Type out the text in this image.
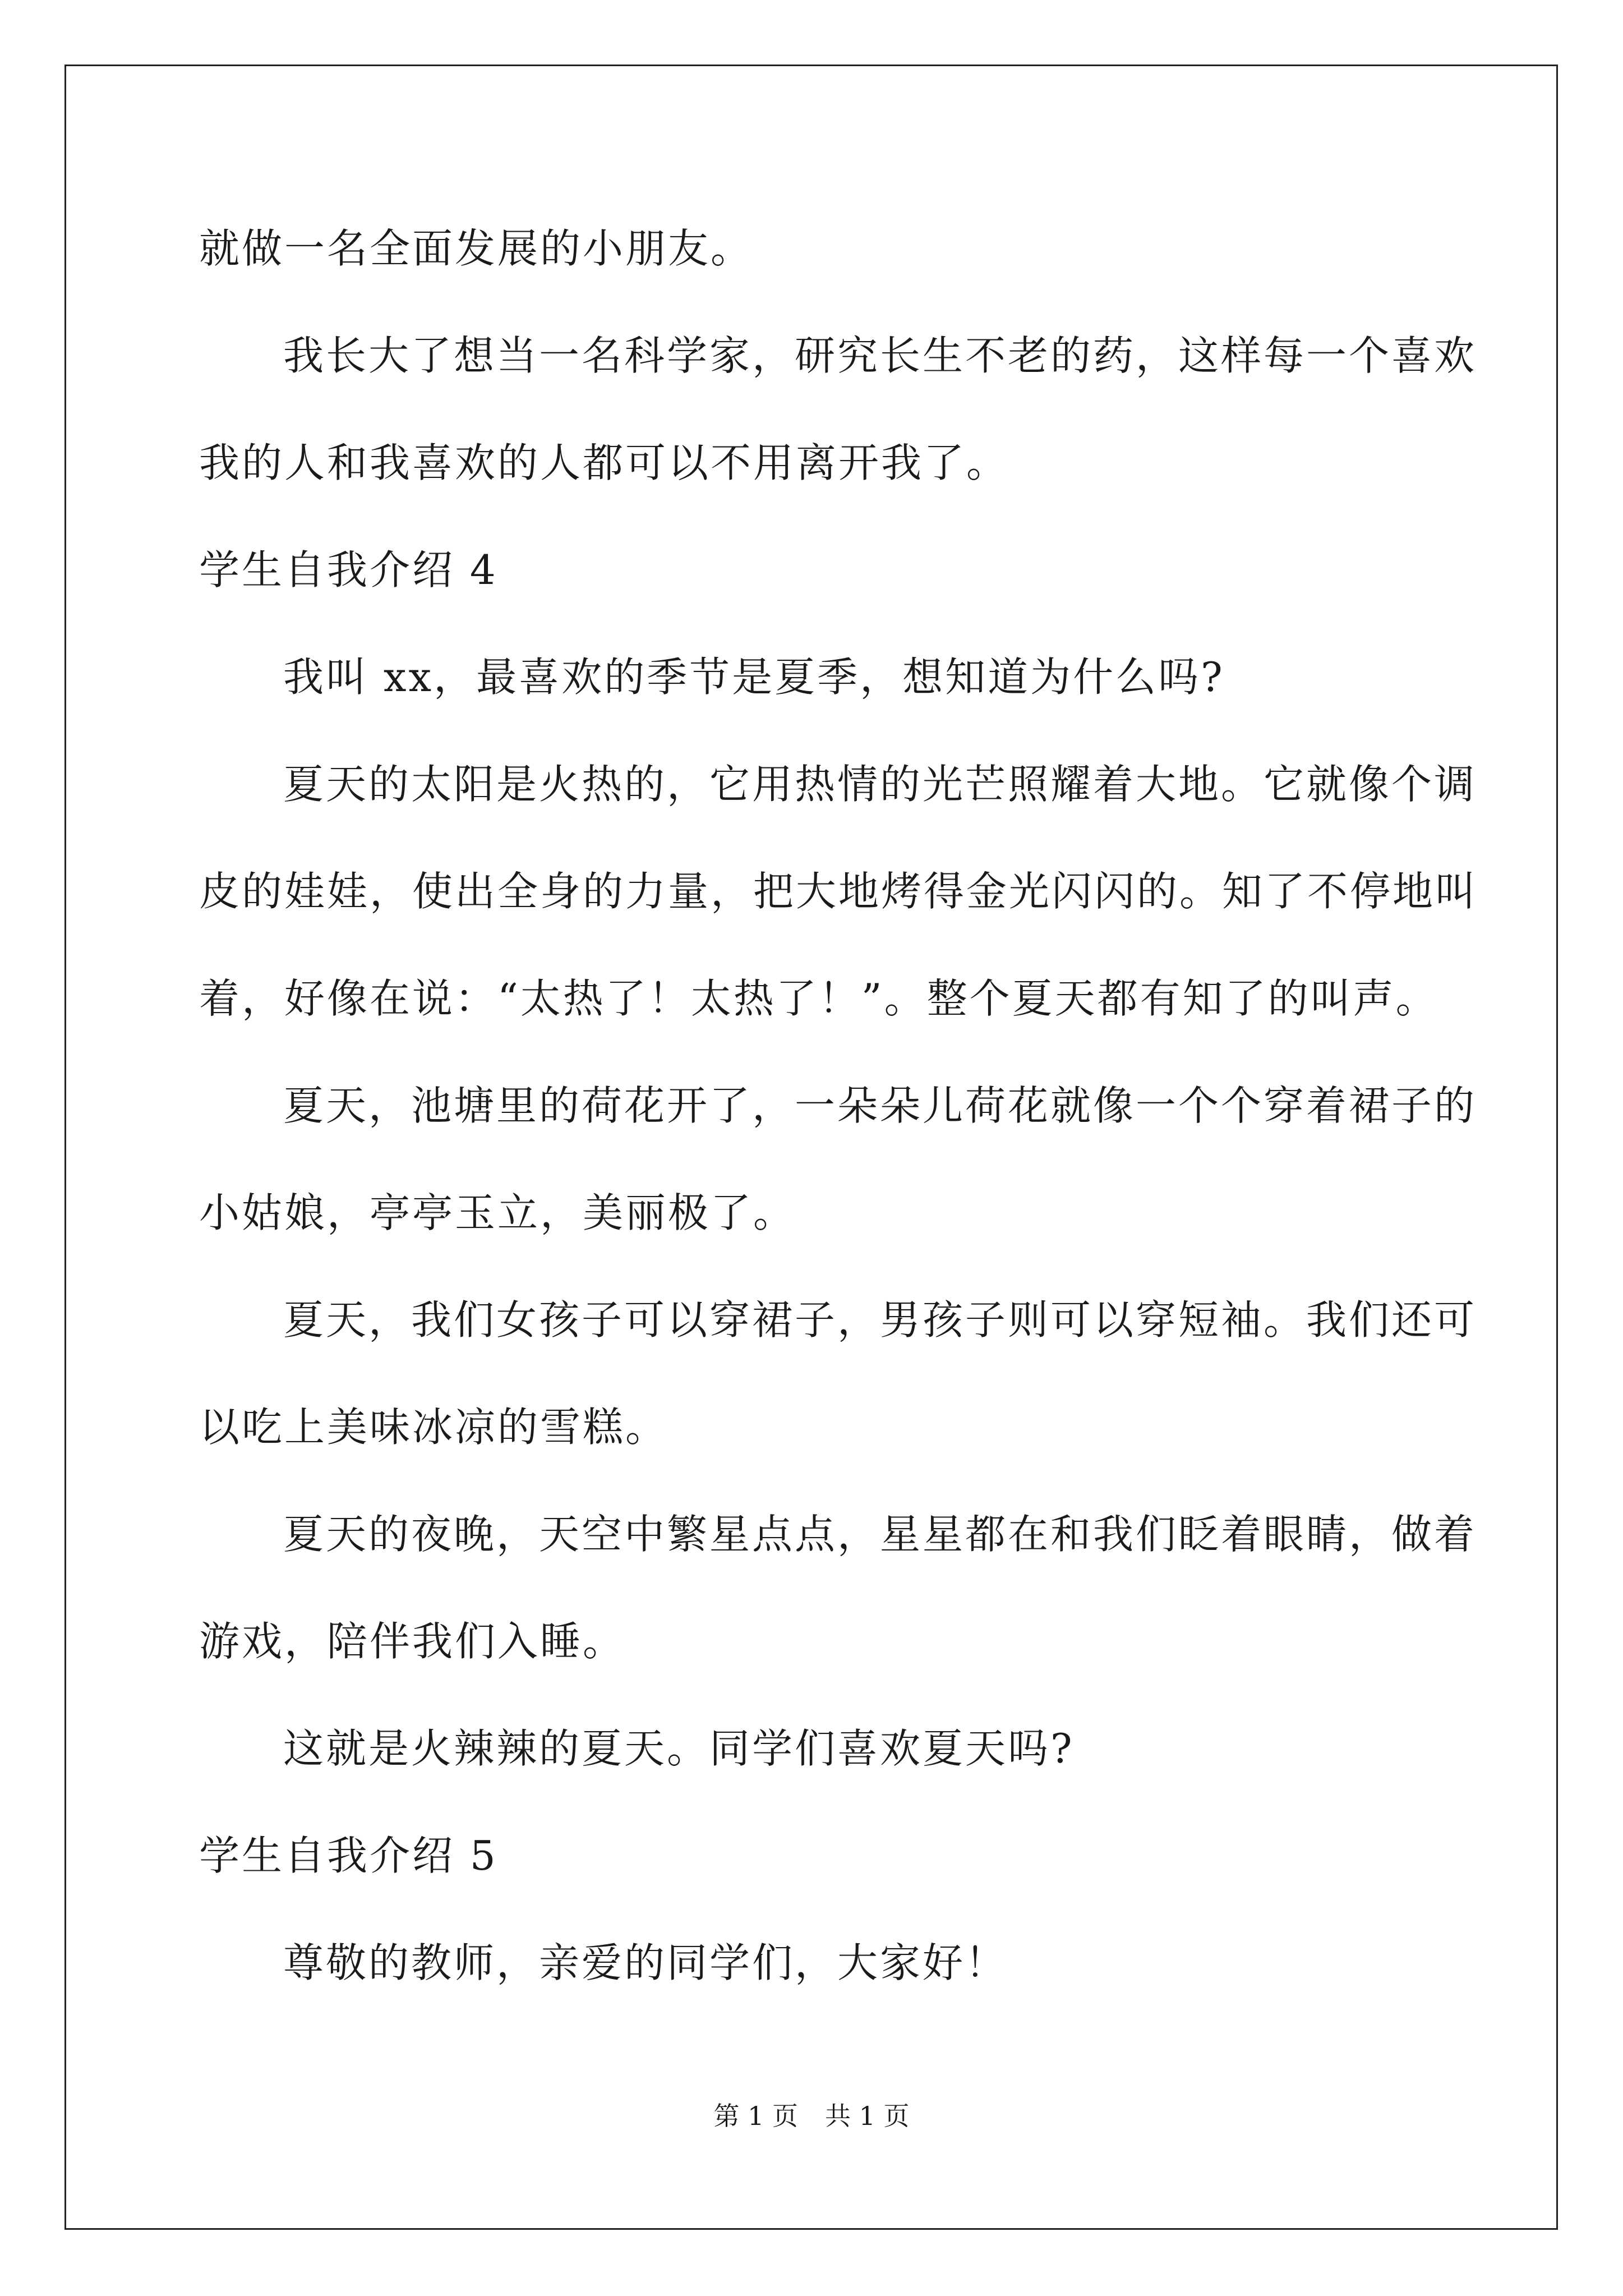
就做一名全面发展的小朋友。
我长大了想当一名科学家，研究长生不老的药，这样每一个喜欢
我的人和我喜欢的人都可以不用离开我了。
学生自我介绍 4
我叫 xx，最喜欢的季节是夏季，想知道为什么吗?
夏天的太阳是火热的，它用热情的光芒照耀着大地。它就像个调
皮的娃娃，使出全身的力量，把大地烤得金光闪闪的。知了不停地叫
着，好像在说：“太热了！太热了！”。整个夏天都有知了的叫声。
夏天，池塘里的荷花开了，一朵朵儿荷花就像一个个穿着裙子的
小姑娘，亭亭玉立，美丽极了。
夏天，我们女孩子可以穿裙子，男孩子则可以穿短袖。我们还可
以吃上美味冰凉的雪糕。
夏天的夜晚，天空中繁星点点，星星都在和我们眨着眼睛，做着
游戏，陪伴我们入睡。
这就是火辣辣的夏天。同学们喜欢夏天吗?
学生自我介绍 5
尊敬的教师，亲爱的同学们，大家好！
第 1 页 共 1 页
